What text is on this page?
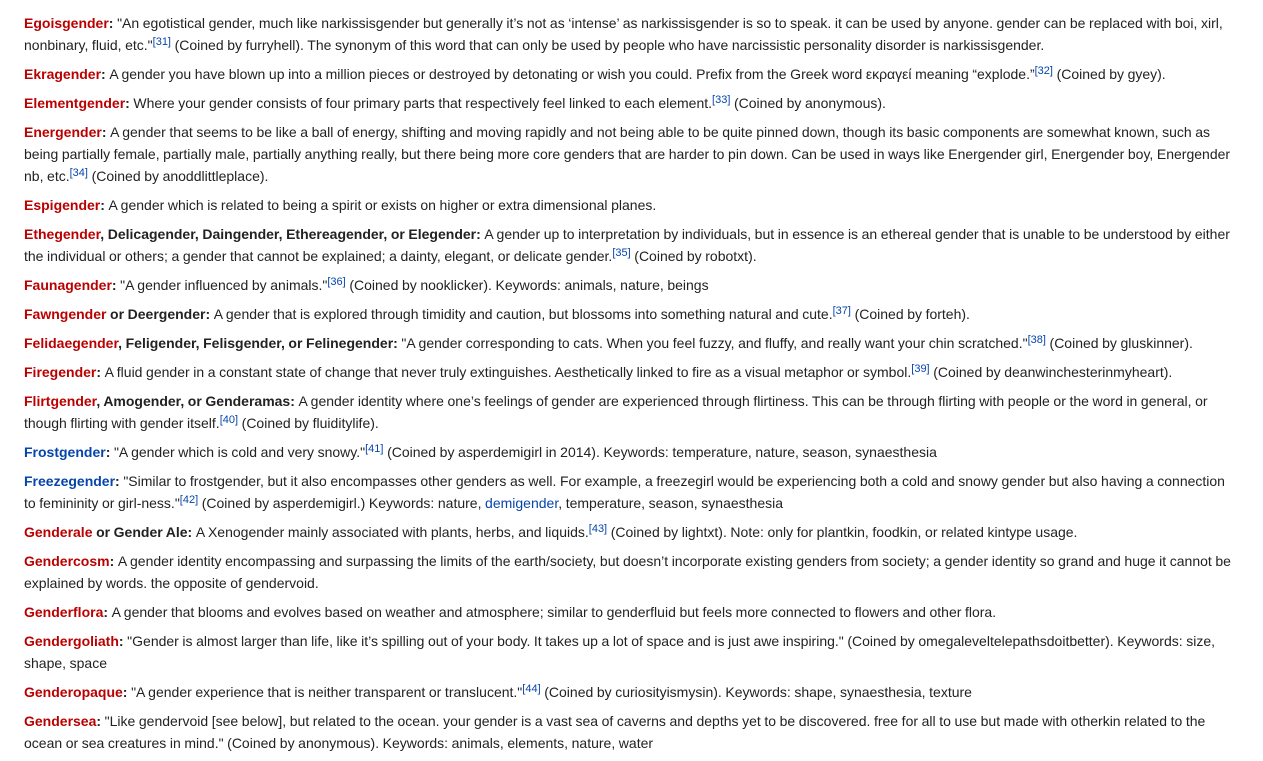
Egoisgender: "An egotistical gender, much like narkissisgender but generally it’s not as ‘intense’ as narkissisgender is so to speak. it can be used by anyone. gender can be replaced with boi, xirl, nonbinary, fluid, etc."[31] (Coined by furryhell). The synonym of this word that can only be used by people who have narcissistic personality disorder is narkissisgender.

Ekragender: A gender you have blown up into a million pieces or destroyed by detonating or wish you could. Prefix from the Greek word εκραγεί meaning “explode.”[32] (Coined by gyey).

Elementgender: Where your gender consists of four primary parts that respectively feel linked to each element.[33] (Coined by anonymous).

Energender: A gender that seems to be like a ball of energy, shifting and moving rapidly and not being able to be quite pinned down, though its basic components are somewhat known, such as being partially female, partially male, partially anything really, but there being more core genders that are harder to pin down. Can be used in ways like Energender girl, Energender boy, Energender nb, etc.[34] (Coined by anoddlittleplace).

Espigender: A gender which is related to being a spirit or exists on higher or extra dimensional planes.

Ethegender, Delicagender, Daingender, Ethereagender, or Elegender: A gender up to interpretation by individuals, but in essence is an ethereal gender that is unable to be understood by either the individual or others; a gender that cannot be explained; a dainty, elegant, or delicate gender.[35] (Coined by robotxt).

Faunagender: "A gender influenced by animals."[36] (Coined by nooklicker). Keywords: animals, nature, beings

Fawngender or Deergender: A gender that is explored through timidity and caution, but blossoms into something natural and cute.[37] (Coined by forteh).

Felidaegender, Feligender, Felisgender, or Felinegender: "A gender corresponding to cats. When you feel fuzzy, and fluffy, and really want your chin scratched."[38] (Coined by gluskinner).

Firegender: A fluid gender in a constant state of change that never truly extinguishes. Aesthetically linked to fire as a visual metaphor or symbol.[39] (Coined by deanwinchesterinmyheart).

Flirtgender, Amogender, or Genderamas: A gender identity where one’s feelings of gender are experienced through flirtiness. This can be through flirting with people or the word in general, or though flirting with gender itself.[40] (Coined by fluiditylife).

Frostgender: "A gender which is cold and very snowy."[41] (Coined by asperdemigirl in 2014). Keywords: temperature, nature, season, synaesthesia

Freezegender: "Similar to frostgender, but it also encompasses other genders as well. For example, a freezegirl would be experiencing both a cold and snowy gender but also having a connection to femininity or girl-ness."[42] (Coined by asperdemigirl.) Keywords: nature, demigender, temperature, season, synaesthesia

Genderale or Gender Ale: A Xenogender mainly associated with plants, herbs, and liquids.[43] (Coined by lightxt). Note: only for plantkin, foodkin, or related kintype usage.

Gendercosm: A gender identity encompassing and surpassing the limits of the earth/society, but doesn’t incorporate existing genders from society; a gender identity so grand and huge it cannot be explained by words. the opposite of gendervoid.

Genderflora: A gender that blooms and evolves based on weather and atmosphere; similar to genderfluid but feels more connected to flowers and other flora.

Gendergoliath: "Gender is almost larger than life, like it’s spilling out of your body. It takes up a lot of space and is just awe inspiring." (Coined by omegaleveltelepathsdoitbetter). Keywords: size, shape, space

Genderopaque: "A gender experience that is neither transparent or translucent."[44] (Coined by curiosityismysin). Keywords: shape, synaesthesia, texture

Gendersea: "Like gendervoid [see below], but related to the ocean. your gender is a vast sea of caverns and depths yet to be discovered. free for all to use but made with otherkin related to the ocean or sea creatures in mind." (Coined by anonymous). Keywords: animals, elements, nature, water
